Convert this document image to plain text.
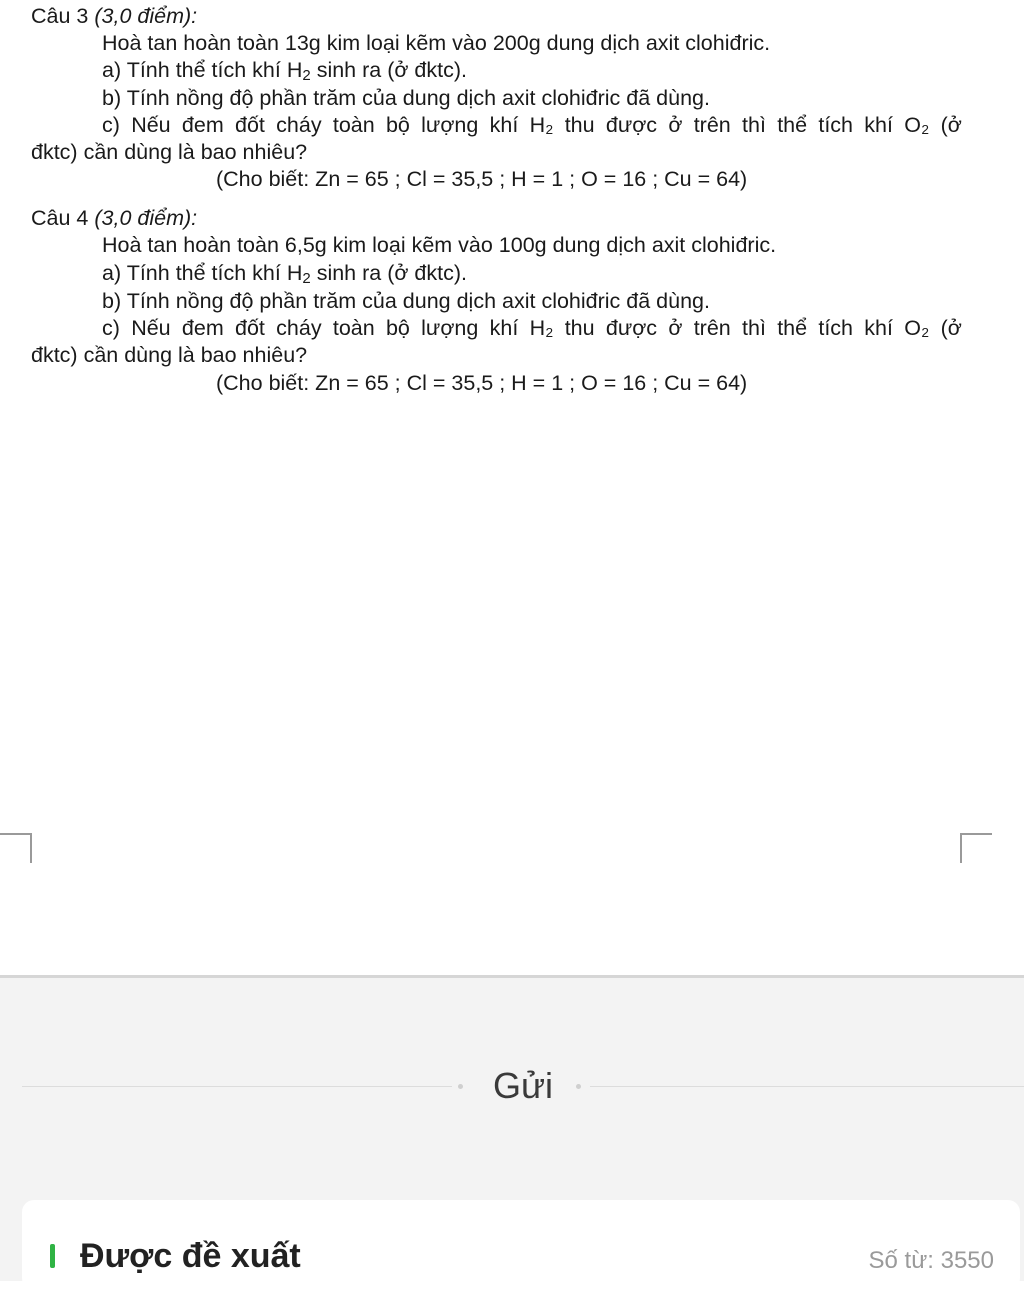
Câu 3 (3,0 điểm):
Hoà tan hoàn toàn 13g kim loại kẽm vào 200g dung dịch axit clohiđric.
a) Tính thể tích khí $H_2$ sinh ra (ở đktc).
b) Tính nồng độ phần trăm của dung dịch axit clohiđric đã dùng.
c) Nếu đem đốt cháy toàn bộ lượng khí H₂ thu được ở trên thì thể tích khí O₂ (ở
đktc) cần dùng là bao nhiêu?
(Cho biết: Zn = 65 ; Cl = 35,5 ; H = 1 ; O = 16 ; Cu = 64)
Câu 4 (3,0 điểm):
Hoà tan hoàn toàn 6,5g kim loại kẽm vào 100g dung dịch axit clohiđric.
a) Tính thể tích khí $H_2$ sinh ra (ở đktc).
b) Tính nồng độ phần trăm của dung dịch axit clohiđric đã dùng.
c) Nếu đem đốt cháy toàn bộ lượng khí H₂ thu được ở trên thì thể tích khí O₂ (ở
đktc) cần dùng là bao nhiêu?
(Cho biết: Zn = 65 ; Cl = 35,5 ; H = 1 ; O = 16 ; Cu = 64)
Gửi
Được đề xuất	Số từ: 3550
